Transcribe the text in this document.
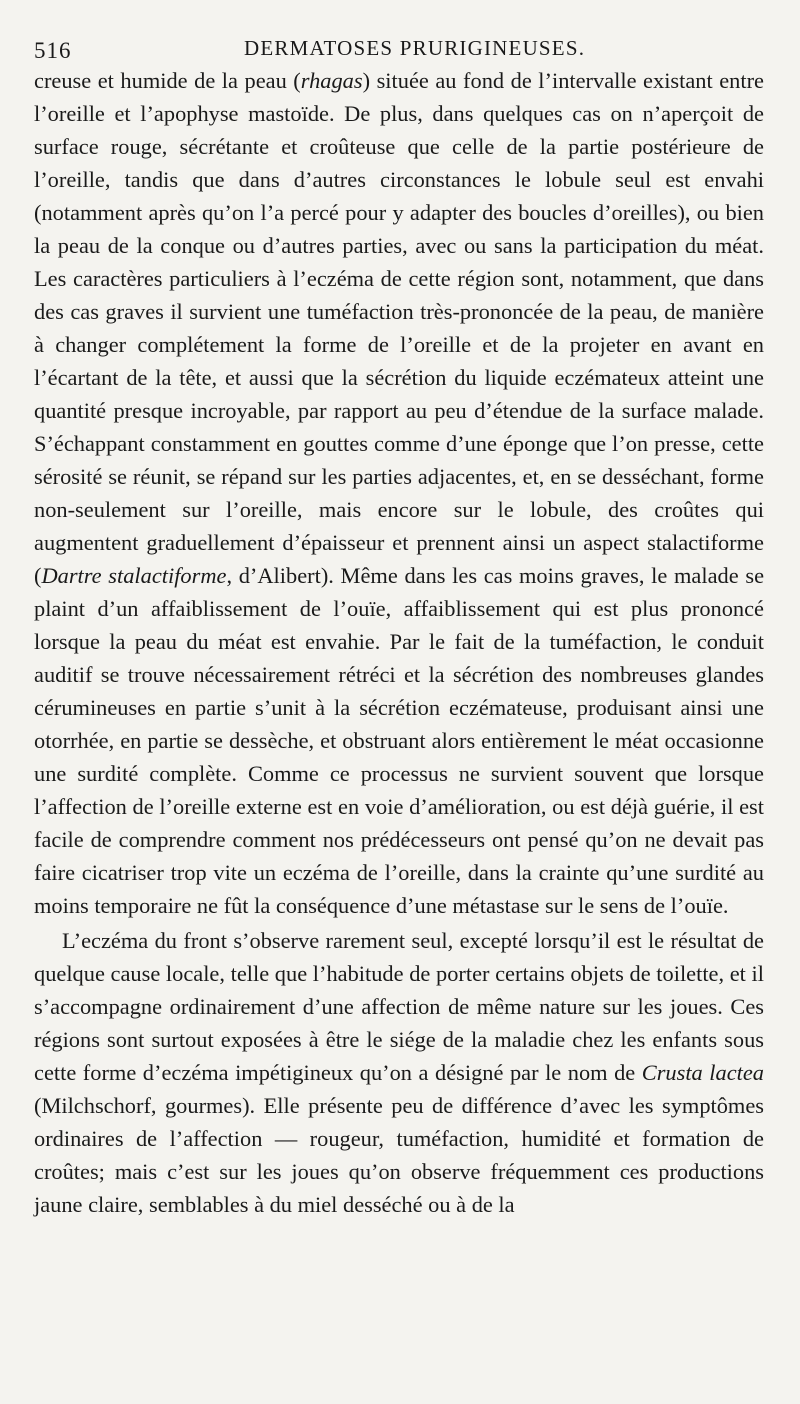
516	DERMATOSES PRURIGINEUSES.

creuse et humide de la peau (rhagas) située au fond de l’intervalle existant entre l’oreille et l’apophyse mastoïde. De plus, dans quelques cas on n’aperçoit de surface rouge, sécrétante et croûteuse que celle de la partie postérieure de l’oreille, tandis que dans d’autres circonstances le lobule seul est envahi (notamment après qu’on l’a percé pour y adapter des boucles d’oreilles), ou bien la peau de la conque ou d’autres parties, avec ou sans la participation du méat. Les caractères particuliers à l’eczéma de cette région sont, notamment, que dans des cas graves il survient une tuméfaction très-prononcée de la peau, de manière à changer complétement la forme de l’oreille et de la projeter en avant en l’écartant de la tête, et aussi que la sécrétion du liquide eczémateux atteint une quantité presque incroyable, par rapport au peu d’étendue de la surface malade. S’échappant constamment en gouttes comme d’une éponge que l’on presse, cette sérosité se réunit, se répand sur les parties adjacentes, et, en se desséchant, forme non-seulement sur l’oreille, mais encore sur le lobule, des croûtes qui augmentent graduellement d’épaisseur et prennent ainsi un aspect stalactiforme (Dartre stalactiforme, d’Alibert). Même dans les cas moins graves, le malade se plaint d’un affaiblissement de l’ouïe, affaiblissement qui est plus prononcé lorsque la peau du méat est envahie. Par le fait de la tuméfaction, le conduit auditif se trouve nécessairement rétréci et la sécrétion des nombreuses glandes cérumineuses en partie s’unit à la sécrétion eczémateuse, produisant ainsi une otorrhée, en partie se dessèche, et obstruant alors entièrement le méat occasionne une surdité complète. Comme ce processus ne survient souvent que lorsque l’affection de l’oreille externe est en voie d’amélioration, ou est déjà guérie, il est facile de comprendre comment nos prédécesseurs ont pensé qu’on ne devait pas faire cicatriser trop vite un eczéma de l’oreille, dans la crainte qu’une surdité au moins temporaire ne fût la conséquence d’une métastase sur le sens de l’ouïe.

L’eczéma du front s’observe rarement seul, excepté lorsqu’il est le résultat de quelque cause locale, telle que l’habitude de porter certains objets de toilette, et il s’accompagne ordinairement d’une affection de même nature sur les joues. Ces régions sont surtout exposées à être le siége de la maladie chez les enfants sous cette forme d’eczéma impétigineux qu’on a désigné par le nom de Crusta lactea (Milchschorf, gourmes). Elle présente peu de différence d’avec les symptômes ordinaires de l’affection — rougeur, tuméfaction, humidité et formation de croûtes; mais c’est sur les joues qu’on observe fréquemment ces productions jaune claire, semblables à du miel desséché ou à de la
